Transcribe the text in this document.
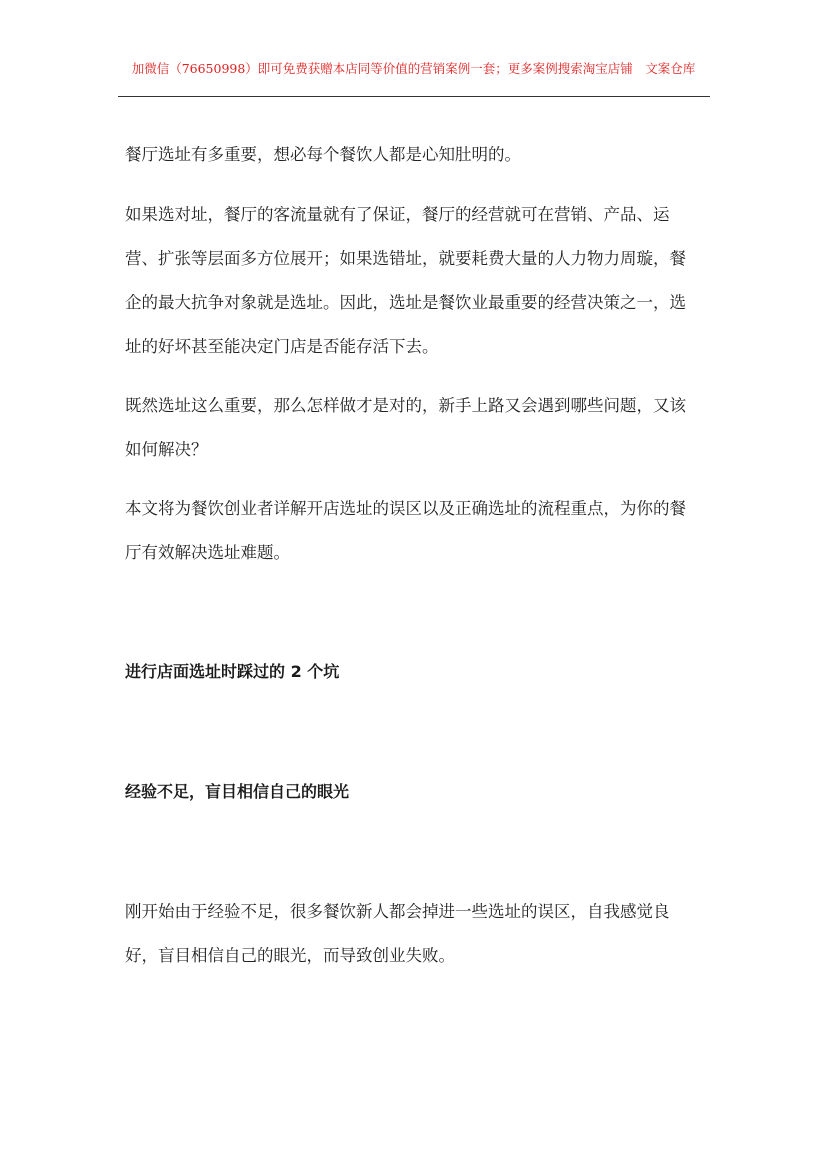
加微信（76650998）即可免费获赠本店同等价值的营销案例一套；更多案例搜索淘宝店铺　文案仓库

餐厅选址有多重要，想必每个餐饮人都是心知肚明的。

如果选对址，餐厅的客流量就有了保证，餐厅的经营就可在营销、产品、运营、扩张等层面多方位展开；如果选错址，就要耗费大量的人力物力周璇，餐企的最大抗争对象就是选址。因此，选址是餐饮业最重要的经营决策之一，选址的好坏甚至能决定门店是否能存活下去。

既然选址这么重要，那么怎样做才是对的，新手上路又会遇到哪些问题，又该如何解决？

本文将为餐饮创业者详解开店选址的误区以及正确选址的流程重点，为你的餐厅有效解决选址难题。

进行店面选址时踩过的 2 个坑
经验不足，盲目相信自己的眼光

刚开始由于经验不足，很多餐饮新人都会掉进一些选址的误区，自我感觉良好，盲目相信自己的眼光，而导致创业失败。
